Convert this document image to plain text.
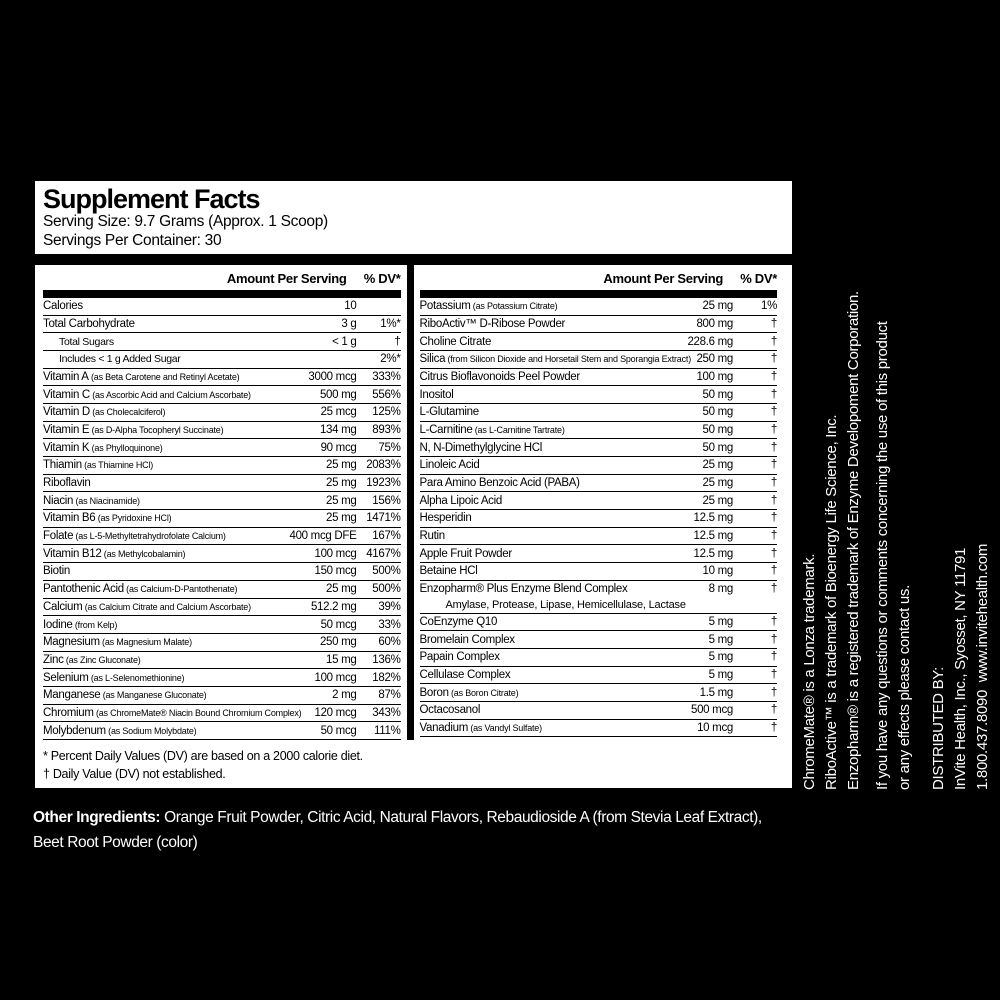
Supplement Facts

Serving Size: 9.7 Grams (Approx. 1 Scoop)

Servings Per Container: 30

Amount Per Serving	% DV*
Calories	10
Total Carbohydrate	3 g	1%*
Total Sugars	< 1 g	†
Includes < 1 g Added Sugar	2%*
Vitamin A (as Beta Carotene and Retinyl Acetate)	3000 mcg	333%
Vitamin C (as Ascorbic Acid and Calcium Ascorbate)	500 mg	556%
Vitamin D (as Cholecalciferol)	25 mcg	125%
Vitamin E (as D-Alpha Tocopheryl Succinate)	134 mg	893%
Vitamin K (as Phylloquinone)	90 mcg	75%
Thiamin (as Thiamine HCl)	25 mg 2083%
Riboflavin	25 mg 1923%
Niacin (as Niacinamide)	25 mg	156%
Vitamin B6 (as Pyridoxine HCl)	25 mg 1471%
Folate (as L-5-Methyltetrahydrofolate Calcium)	400 mcg DFE	167%
Vitamin B12 (as Methylcobalamin)	100 mcg 4167%
Biotin	150 mcg	500%
Pantothenic Acid (as Calcium-D-Pantothenate)	25 mg	500%
Calcium (as Calcium Citrate and Calcium Ascorbate)	512.2 mg	39%
Iodine (from Kelp)	50 mcg	33%
Magnesium (as Magnesium Malate)	250 mg	60%
Zinc (as Zinc Gluconate)	15 mg	136%
Selenium (as L-Selenomethionine)	100 mcg	182%
Manganese (as Manganese Gluconate)	2 mg	87%
Chromium (as ChromeMate® Niacin Bound Chromium Complex)	120 mcg	343%
Molybdenum (as Sodium Molybdate)	50 mcg	111%
Amount Per Serving	% DV*
Potassium (as Potassium Citrate)	25 mg	1%
RiboActiv™ D-Ribose Powder	800 mg	†
Choline Citrate	228.6 mg	†
Silica (from Silicon Dioxide and Horsetail Stem and Sporangia Extract) 250 mg	†
Citrus Bioflavonoids Peel Powder	100 mg	†
Inositol	50 mg	†
L-Glutamine	50 mg	†
L-Carnitine (as L-Carnitine Tartrate)	50 mg	†
N, N-Dimethylglycine HCl	50 mg	†
Linoleic Acid	25 mg	†
Para Amino Benzoic Acid (PABA)	25 mg	†
Alpha Lipoic Acid	25 mg	†
Hesperidin	12.5 mg	†
Rutin	12.5 mg	†
Apple Fruit Powder	12.5 mg	†
Betaine HCl	10 mg	†
Enzopharm® Plus Enzyme Blend Complex	8 mg	†
Amylase, Protease, Lipase, Hemicellulase, Lactase
CoEnzyme Q10	5 mg	†
Bromelain Complex	5 mg	†
Papain Complex	5 mg	†
Cellulase Complex	5 mg	†
Boron (as Boron Citrate)	1.5 mg	†
Octacosanol	500 mcg	†
Vanadium (as Vandyl Sulfate)	10 mcg	†
* Percent Daily Values (DV) are based on a 2000 calorie diet.
† Daily Value (DV) not established.
Other Ingredients: Orange Fruit Powder, Citric Acid, Natural Flavors, Rebaudioside A (from Stevia Leaf Extract),
Beet Root Powder (color)
ChromeMate® is a Lonza trademark. RiboActive™ is a trademark of Bioenergy Life Science, Inc. Enzopharm® is a registered trademark of Enzyme Developoment Corporation. If you have any questions or comments concerning the use of this product or any effects please contact us. DISTRIBUTED BY: InVite Health, Inc., Syosset, NY 11791 1.800.437.8090  www.invitehealth.com
